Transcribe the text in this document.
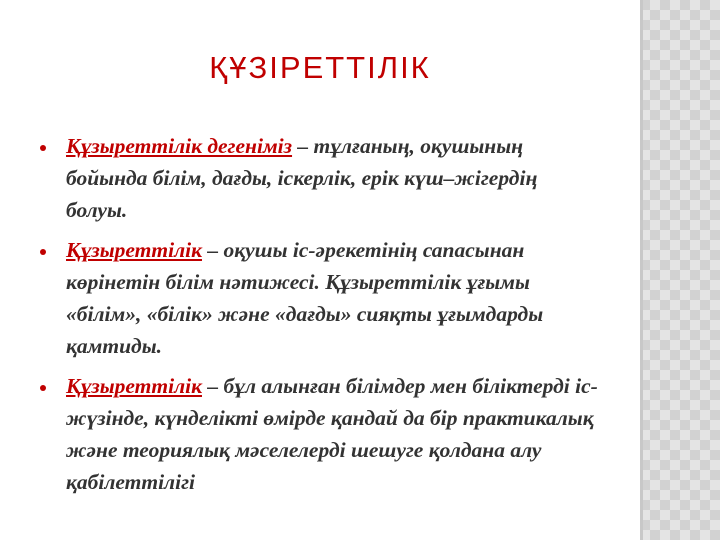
ҚҰЗІРЕТТІЛІК
Құзыреттілік дегеніміз – тұлғаның, оқушының бойында білім, дағды, іскерлік, ерік күш–жігердің болуы.
Құзыреттілік – оқушы іс-әрекетінің сапасынан көрінетін білім нәтижесі. Құзыреттілік ұғымы «білім», «білік» және «дағды» сияқты ұғымдарды қамтиды.
Құзыреттілік – бұл алынған білімдер мен біліктерді іс-жүзінде, күнделікті өмірде қандай да бір практикалық және теориялық мәселелерді шешуге қолдана алу қабілеттілігі
